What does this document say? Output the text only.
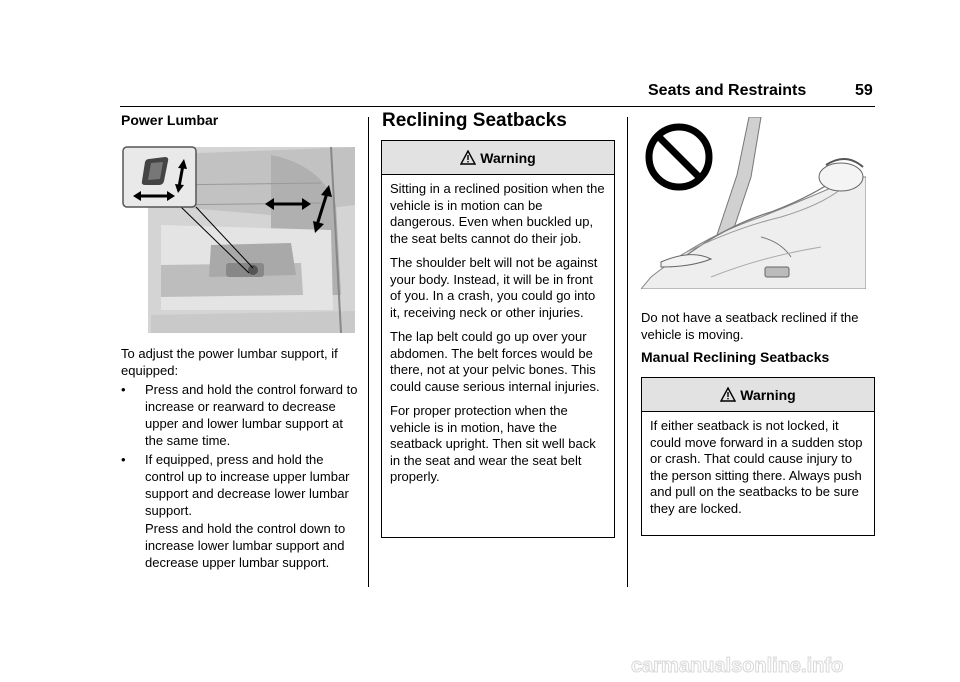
Seats and Restraints	59
Power Lumbar

To adjust the power lumbar support, if equipped:

• Press and hold the control forward to increase or rearward to decrease upper and lower lumbar support at the same time.
• If equipped, press and hold the control up to increase upper lumbar support and decrease lower lumbar support.

Press and hold the control down to increase lower lumbar support and decrease upper lumbar support.

Reclining Seatbacks
Warning

Sitting in a reclined position when the vehicle is in motion can be dangerous. Even when buckled up, the seat belts cannot do their job.

The shoulder belt will not be against your body. Instead, it will be in front of you. In a crash, you could go into it, receiving neck or other injuries.

The lap belt could go up over your abdomen. The belt forces would be there, not at your pelvic bones. This could cause serious internal injuries.

For proper protection when the vehicle is in motion, have the seatback upright. Then sit well back in the seat and wear the seat belt properly.

Do not have a seatback reclined if the vehicle is moving.

Manual Reclining Seatbacks
Warning

If either seatback is not locked, it could move forward in a sudden stop or crash. That could cause injury to the person sitting there. Always push and pull on the seatbacks to be sure they are locked.

carmanualsonline.info
